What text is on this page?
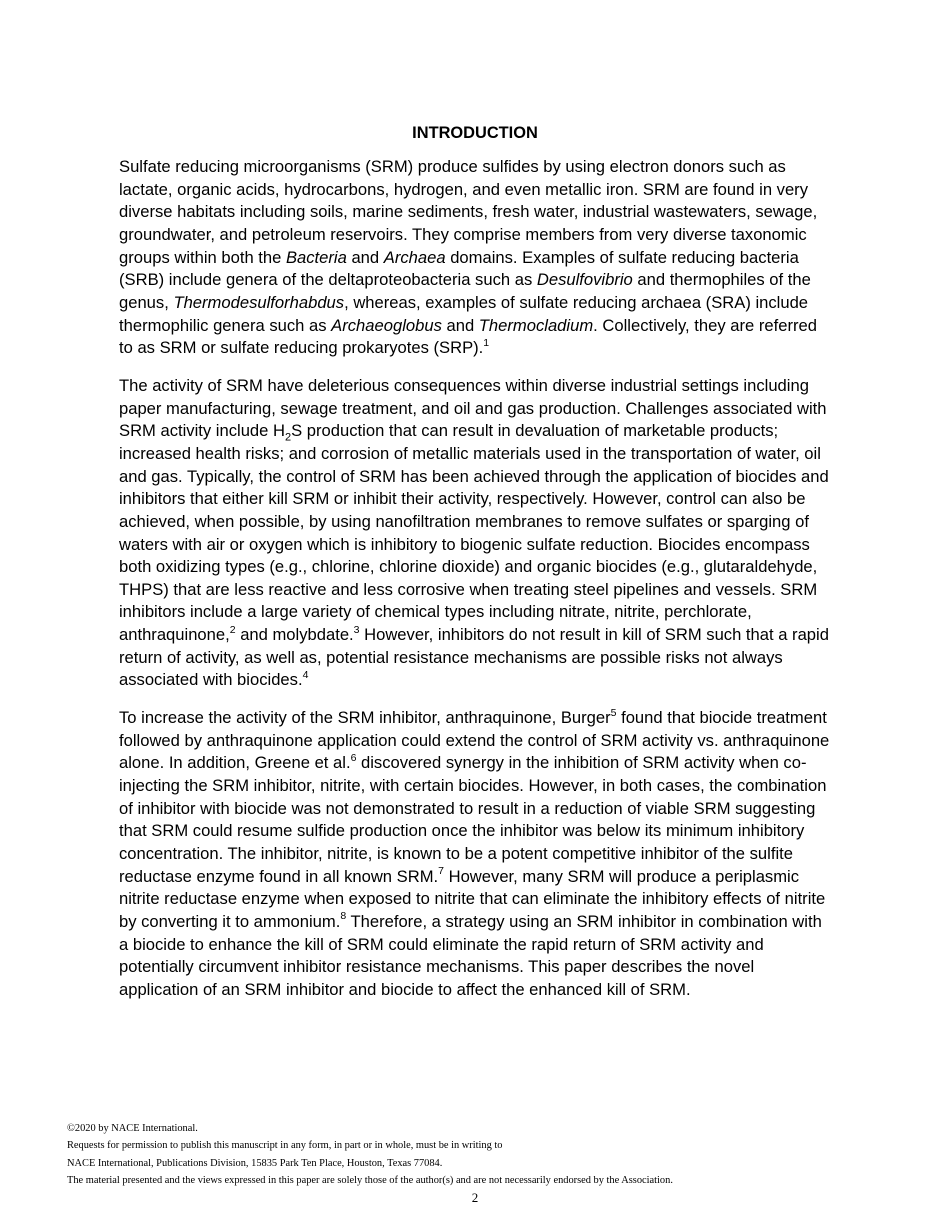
INTRODUCTION

Sulfate reducing microorganisms (SRM) produce sulfides by using electron donors such as lactate, organic acids, hydrocarbons, hydrogen, and even metallic iron. SRM are found in very diverse habitats including soils, marine sediments, fresh water, industrial wastewaters, sewage, groundwater, and petroleum reservoirs. They comprise members from very diverse taxonomic groups within both the Bacteria and Archaea domains. Examples of sulfate reducing bacteria (SRB) include genera of the deltaproteobacteria such as Desulfovibrio and thermophiles of the genus, Thermodesulforhabdus, whereas, examples of sulfate reducing archaea (SRA) include thermophilic genera such as Archaeoglobus and Thermocladium. Collectively, they are referred to as SRM or sulfate reducing prokaryotes (SRP).$^1$

The activity of SRM have deleterious consequences within diverse industrial settings including paper manufacturing, sewage treatment, and oil and gas production. Challenges associated with SRM activity include $H_2S$ production that can result in devaluation of marketable products; increased health risks; and corrosion of metallic materials used in the transportation of water, oil and gas. Typically, the control of SRM has been achieved through the application of biocides and inhibitors that either kill SRM or inhibit their activity, respectively. However, control can also be achieved, when possible, by using nanofiltration membranes to remove sulfates or sparging of waters with air or oxygen which is inhibitory to biogenic sulfate reduction. Biocides encompass both oxidizing types (e.g., chlorine, chlorine dioxide) and organic biocides (e.g., glutaraldehyde, THPS) that are less reactive and less corrosive when treating steel pipelines and vessels. SRM inhibitors include a large variety of chemical types including nitrate, nitrite, perchlorate, anthraquinone,$^2$ and molybdate.$^3$ However, inhibitors do not result in kill of SRM such that a rapid return of activity, as well as, potential resistance mechanisms are possible risks not always associated with biocides.$^4$

To increase the activity of the SRM inhibitor, anthraquinone, Burger$^5$ found that biocide treatment followed by anthraquinone application could extend the control of SRM activity vs. anthraquinone alone. In addition, Greene et al.$^6$ discovered synergy in the inhibition of SRM activity when co-injecting the SRM inhibitor, nitrite, with certain biocides. However, in both cases, the combination of inhibitor with biocide was not demonstrated to result in a reduction of viable SRM suggesting that SRM could resume sulfide production once the inhibitor was below its minimum inhibitory concentration. The inhibitor, nitrite, is known to be a potent competitive inhibitor of the sulfite reductase enzyme found in all known SRM.$^7$ However, many SRM will produce a periplasmic nitrite reductase enzyme when exposed to nitrite that can eliminate the inhibitory effects of nitrite by converting it to ammonium.$^8$ Therefore, a strategy using an SRM inhibitor in combination with a biocide to enhance the kill of SRM could eliminate the rapid return of SRM activity and potentially circumvent inhibitor resistance mechanisms. This paper describes the novel application of an SRM inhibitor and biocide to affect the enhanced kill of SRM.

©2020 by NACE International.
Requests for permission to publish this manuscript in any form, in part or in whole, must be in writing to
NACE International, Publications Division, 15835 Park Ten Place, Houston, Texas 77084.
The material presented and the views expressed in this paper are solely those of the author(s) and are not necessarily endorsed by the Association.
2
